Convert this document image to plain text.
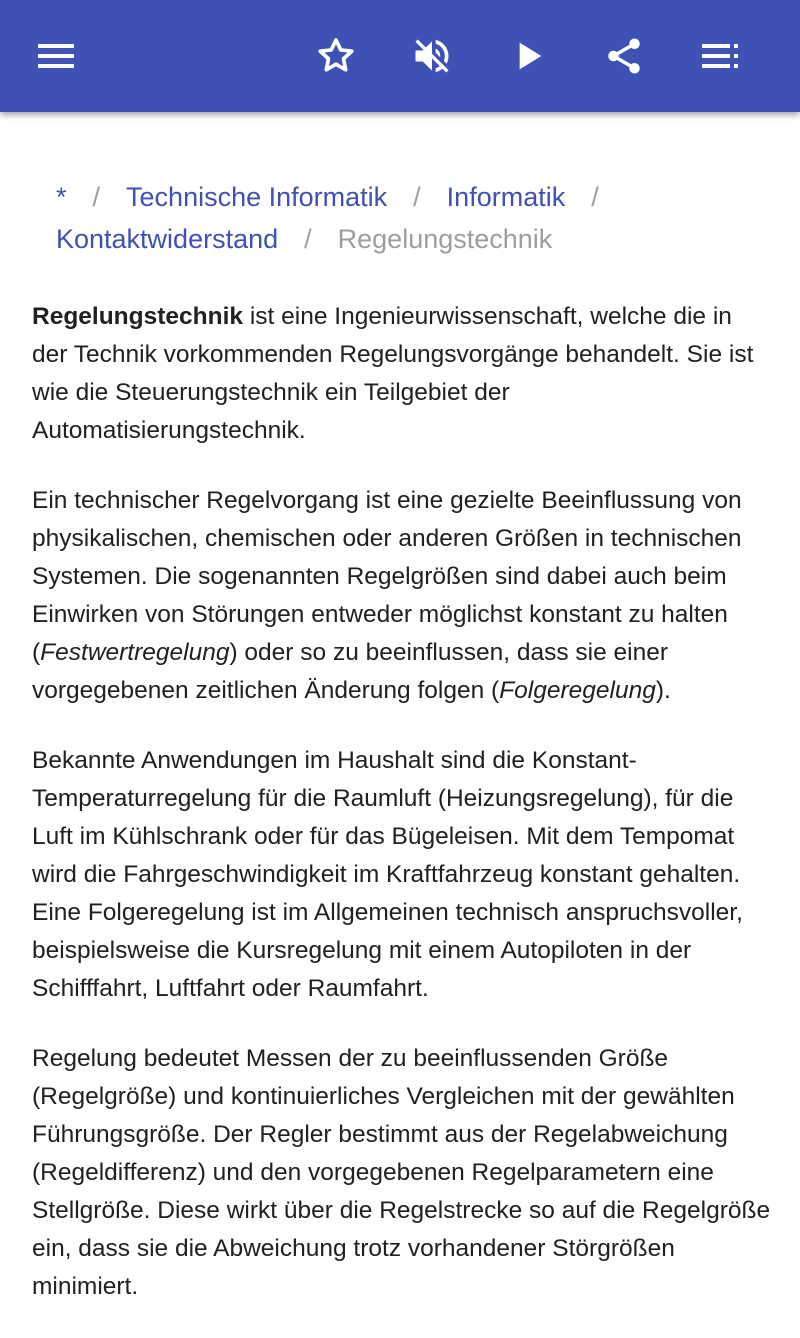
* / Technische Informatik / Informatik /
Kontaktwiderstand / Regelungstechnik

Regelungstechnik ist eine Ingenieurwissenschaft, welche die in der Technik vorkommenden Regelungsvorgänge behandelt. Sie ist wie die Steuerungstechnik ein Teilgebiet der Automatisierungstechnik.

Ein technischer Regelvorgang ist eine gezielte Beeinflussung von physikalischen, chemischen oder anderen Größen in technischen Systemen. Die sogenannten Regelgrößen sind dabei auch beim Einwirken von Störungen entweder möglichst konstant zu halten (Festwertregelung) oder so zu beeinflussen, dass sie einer vorgegebenen zeitlichen Änderung folgen (Folgeregelung).

Bekannte Anwendungen im Haushalt sind die Konstant-Temperaturregelung für die Raumluft (Heizungsregelung), für die Luft im Kühlschrank oder für das Bügeleisen. Mit dem Tempomat wird die Fahrgeschwindigkeit im Kraftfahrzeug konstant gehalten. Eine Folgeregelung ist im Allgemeinen technisch anspruchsvoller, beispielsweise die Kursregelung mit einem Autopiloten in der Schifffahrt, Luftfahrt oder Raumfahrt.

Regelung bedeutet Messen der zu beeinflussenden Größe (Regelgröße) und kontinuierliches Vergleichen mit der gewählten Führungsgröße. Der Regler bestimmt aus der Regelabweichung (Regeldifferenz) und den vorgegebenen Regelparametern eine Stellgröße. Diese wirkt über die Regelstrecke so auf die Regelgröße ein, dass sie die Abweichung trotz vorhandener Störgrößen minimiert.
